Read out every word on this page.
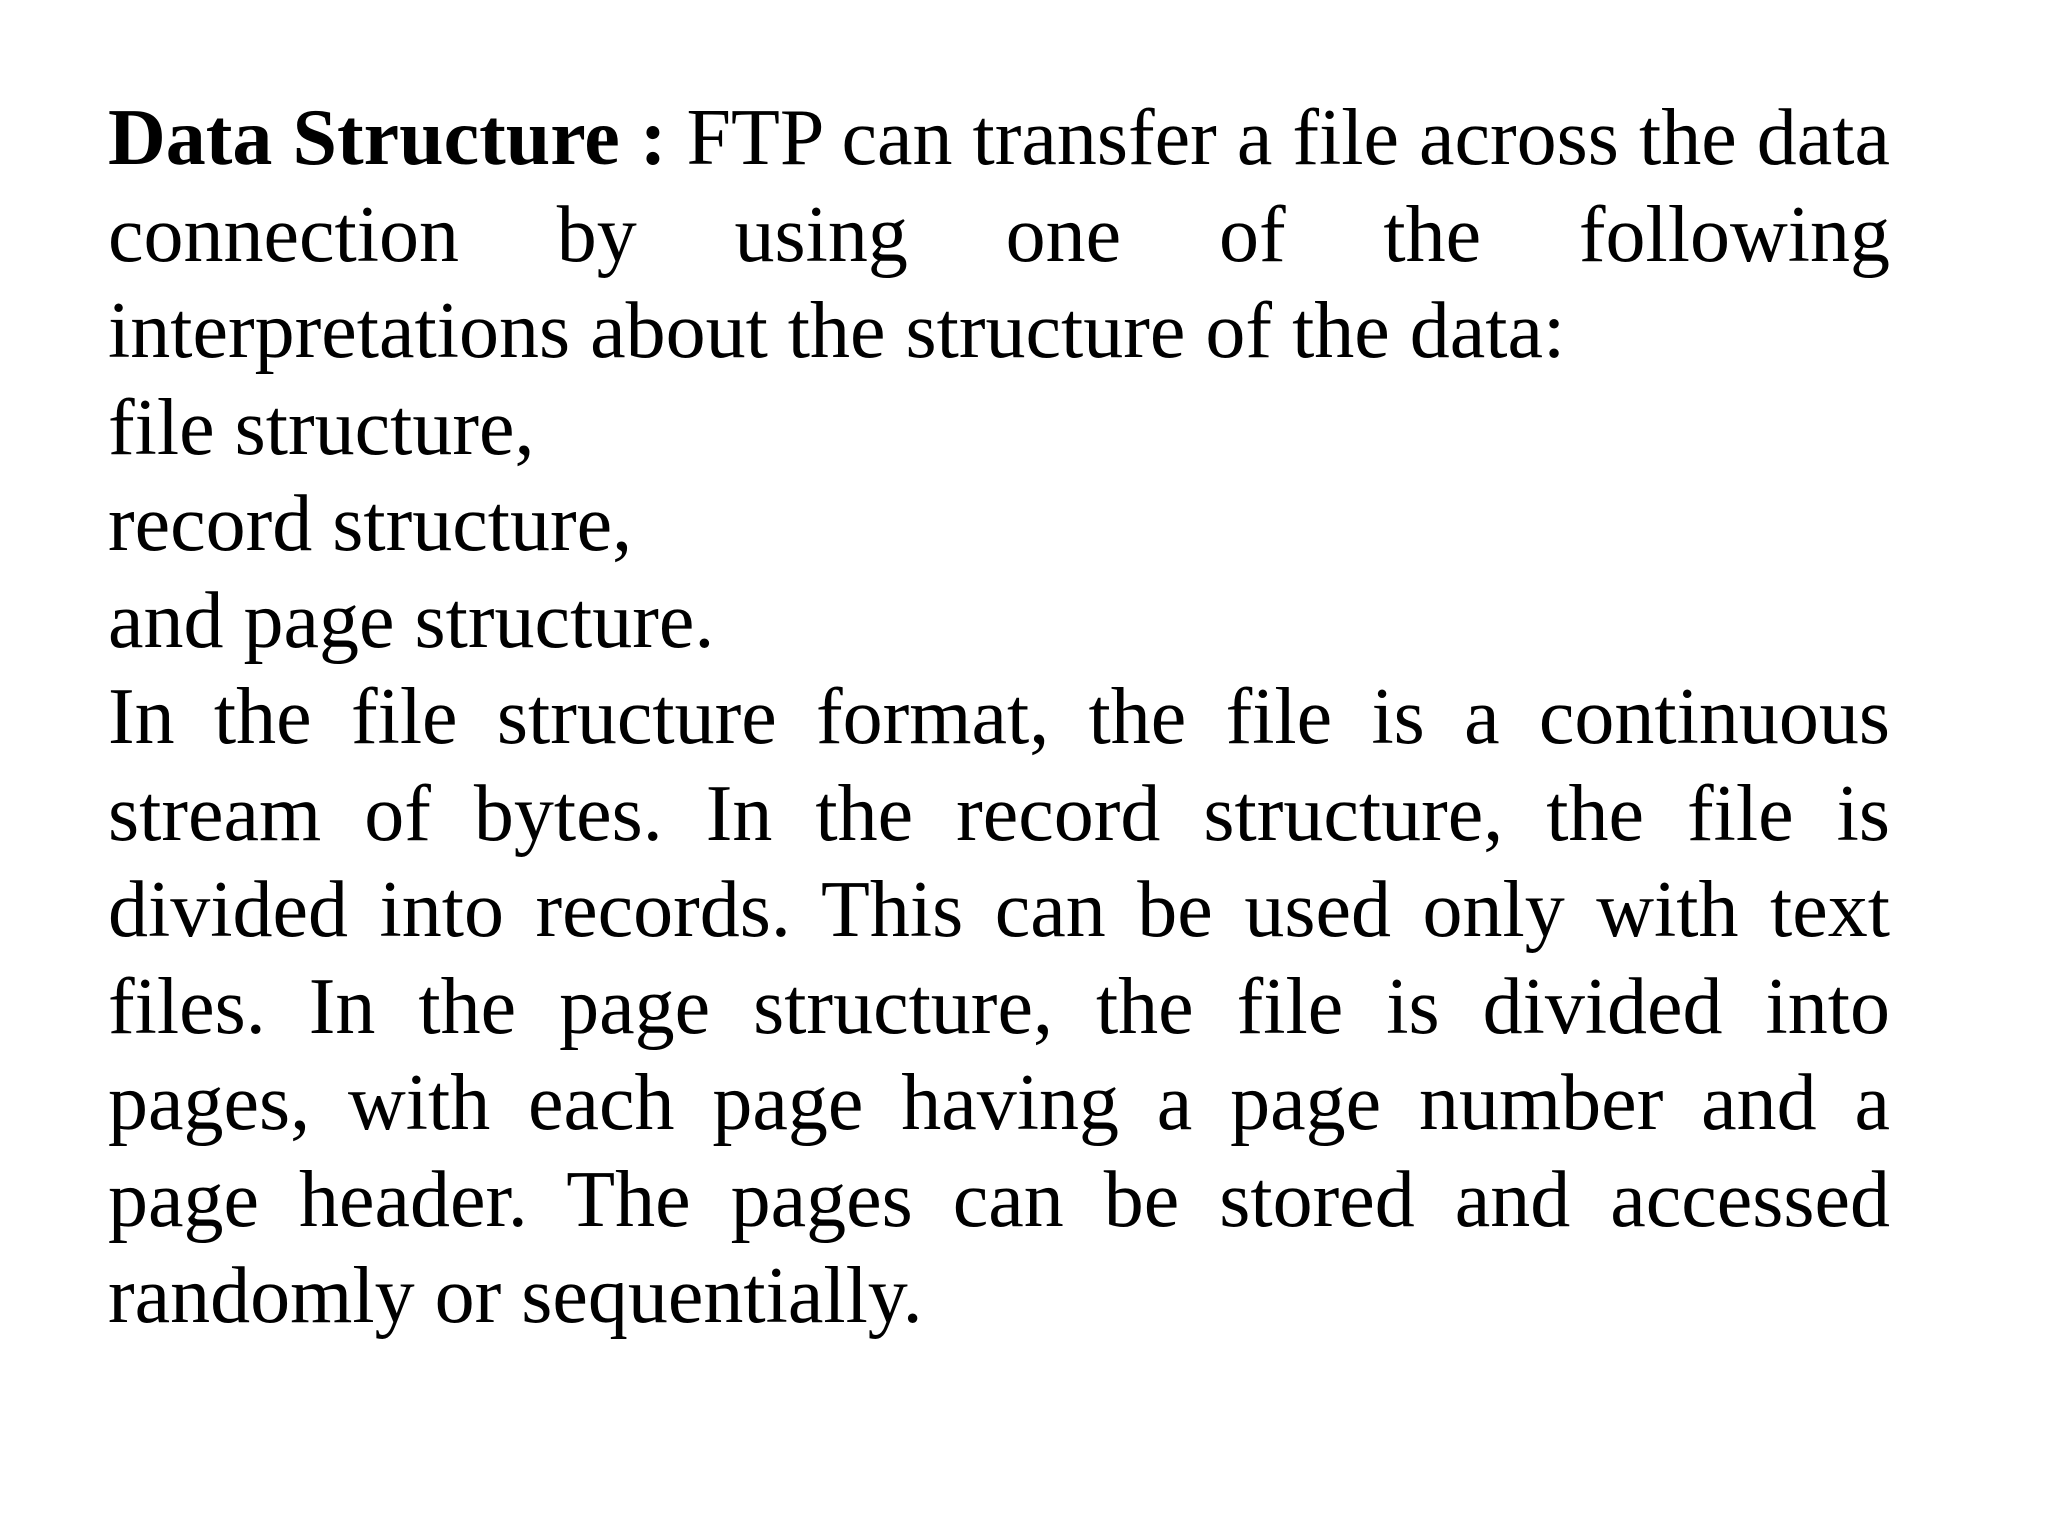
Data Structure : FTP can transfer a file across the data connection by using one of the following interpretations about the structure of the data:

file structure,

record structure,

and page structure.

In the file structure format, the file is a continuous stream of bytes. In the record structure, the file is divided into records. This can be used only with text files. In the page structure, the file is divided into pages, with each page having a page number and a page header. The pages can be stored and accessed randomly or sequentially.
